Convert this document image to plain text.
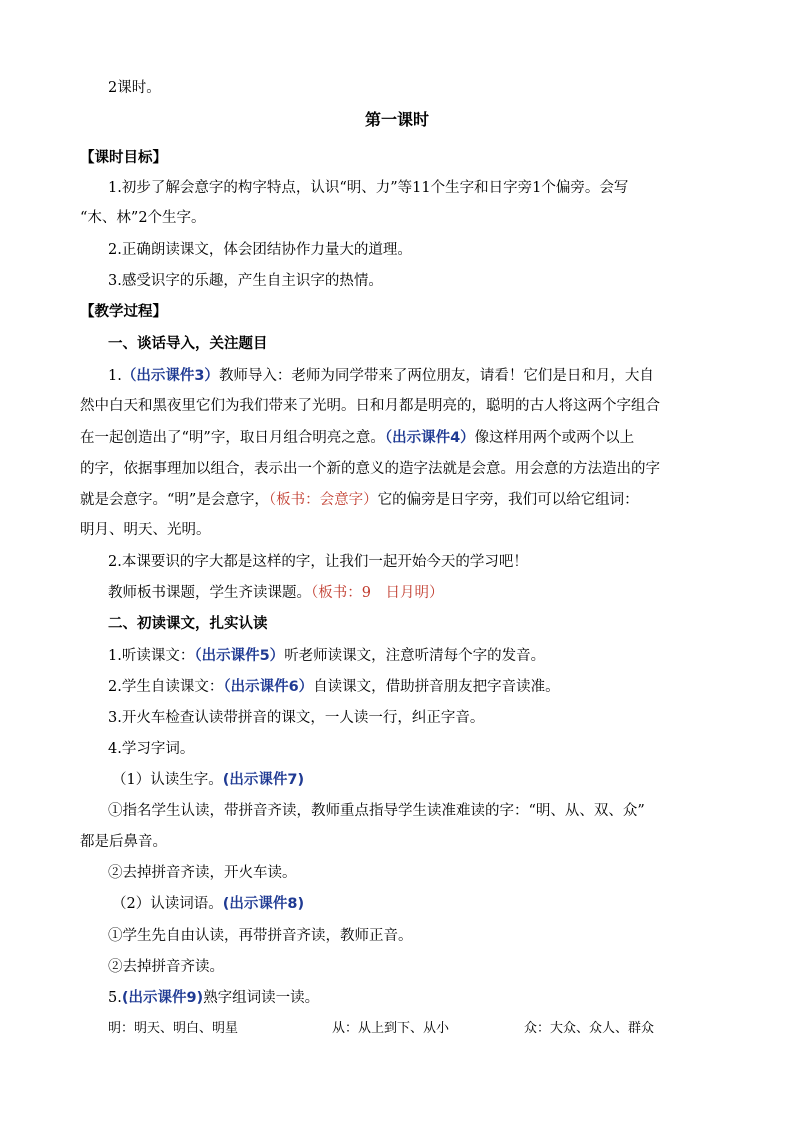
2课时。
第一课时
【课时目标】
1.初步了解会意字的构字特点，认识“明、力”等11个生字和日字旁1个偏旁。会写
“木、林”2个生字。
2.正确朗读课文，体会团结协作力量大的道理。
3.感受识字的乐趣，产生自主识字的热情。
【教学过程】
一、谈话导入，关注题目
1.（出示课件3）教师导入：老师为同学带来了两位朋友，请看！它们是日和月，大自
然中白天和黑夜里它们为我们带来了光明。日和月都是明亮的，聪明的古人将这两个字组合
在一起创造出了“明”字，取日月组合明亮之意。（出示课件4）像这样用两个或两个以上
的字，依据事理加以组合，表示出一个新的意义的造字法就是会意。用会意的方法造出的字
就是会意字。“明”是会意字，（板书：会意字）它的偏旁是日字旁，我们可以给它组词：
明月、明天、光明。
2.本课要识的字大都是这样的字，让我们一起开始今天的学习吧！
教师板书课题，学生齐读课题。（板书：9　日月明）
二、初读课文，扎实认读
1.听读课文：（出示课件5）听老师读课文，注意听清每个字的发音。
2.学生自读课文：（出示课件6）自读课文，借助拼音朋友把字音读准。
3.开火车检查认读带拼音的课文，一人读一行，纠正字音。
4.学习字词。
（1）认读生字。(出示课件7)
①指名学生认读，带拼音齐读，教师重点指导学生读准难读的字：“明、从、双、众”
都是后鼻音。
②去掉拼音齐读，开火车读。
（2）认读词语。(出示课件8)
①学生先自由认读，再带拼音齐读，教师正音。
②去掉拼音齐读。
5.(出示课件9)熟字组词读一读。
明：明天、明白、明星	从：从上到下、从小	众：大众、众人、群众
